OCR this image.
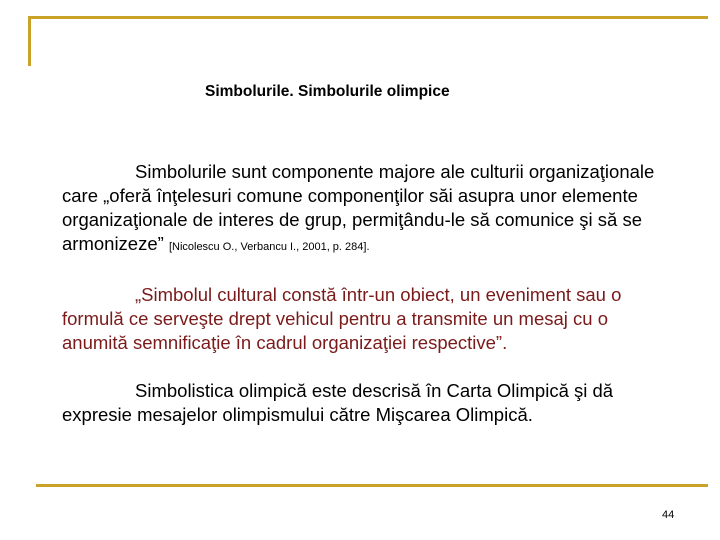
Simbolurile. Simbolurile olimpice

Simbolurile sunt componente majore ale culturii organizaţionale care „oferă înţelesuri comune componenţilor săi asupra unor elemente organizaţionale de interes de grup, permiţându-le să comunice şi să se armonizeze” [Nicolescu O., Verbancu I., 2001, p. 284].

„Simbolul cultural constă într-un obiect, un eveniment sau o formulă ce serveşte drept vehicul pentru a transmite un mesaj cu o anumită semnificaţie în cadrul organizaţiei respective”.

Simbolistica olimpică este descrisă în Carta Olimpică şi dă expresie mesajelor olimpismului către Mişcarea Olimpică.

44
